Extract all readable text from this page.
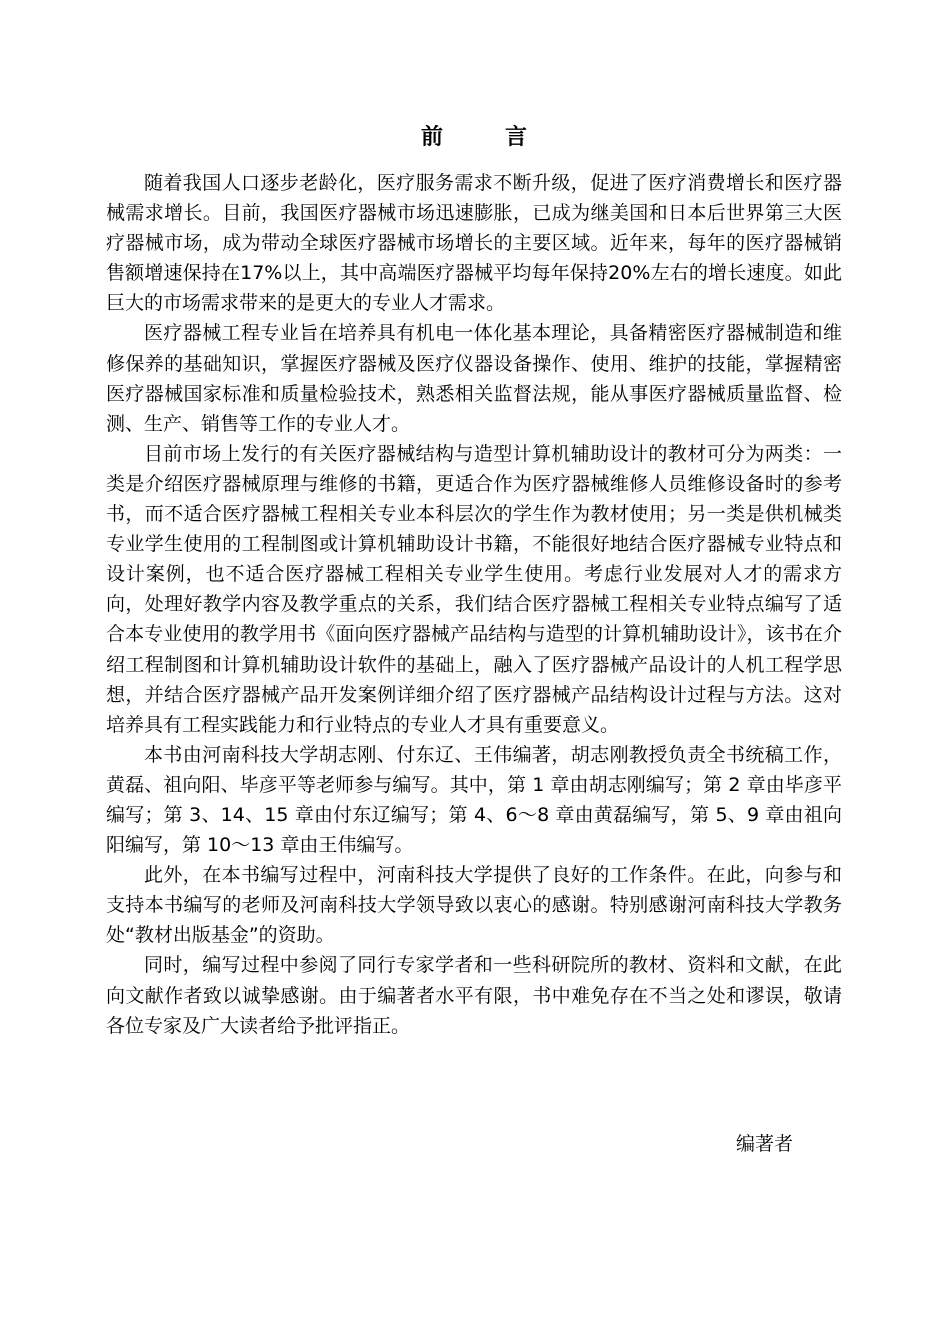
前	言

随着我国人口逐步老龄化，医疗服务需求不断升级，促进了医疗消费增长和医疗器械需求增长。目前，我国医疗器械市场迅速膨胀，已成为继美国和日本后世界第三大医疗器械市场，成为带动全球医疗器械市场增长的主要区域。近年来，每年的医疗器械销售额增速保持在17%以上，其中高端医疗器械平均每年保持20%左右的增长速度。如此巨大的市场需求带来的是更大的专业人才需求。

医疗器械工程专业旨在培养具有机电一体化基本理论，具备精密医疗器械制造和维修保养的基础知识，掌握医疗器械及医疗仪器设备操作、使用、维护的技能，掌握精密医疗器械国家标准和质量检验技术，熟悉相关监督法规，能从事医疗器械质量监督、检测、生产、销售等工作的专业人才。

目前市场上发行的有关医疗器械结构与造型计算机辅助设计的教材可分为两类：一类是介绍医疗器械原理与维修的书籍，更适合作为医疗器械维修人员维修设备时的参考书，而不适合医疗器械工程相关专业本科层次的学生作为教材使用；另一类是供机械类专业学生使用的工程制图或计算机辅助设计书籍，不能很好地结合医疗器械专业特点和设计案例，也不适合医疗器械工程相关专业学生使用。考虑行业发展对人才的需求方向，处理好教学内容及教学重点的关系，我们结合医疗器械工程相关专业特点编写了适合本专业使用的教学用书《面向医疗器械产品结构与造型的计算机辅助设计》，该书在介绍工程制图和计算机辅助设计软件的基础上，融入了医疗器械产品设计的人机工程学思想，并结合医疗器械产品开发案例详细介绍了医疗器械产品结构设计过程与方法。这对培养具有工程实践能力和行业特点的专业人才具有重要意义。

本书由河南科技大学胡志刚、付东辽、王伟编著，胡志刚教授负责全书统稿工作，黄磊、祖向阳、毕彦平等老师参与编写。其中，第 1 章由胡志刚编写；第 2 章由毕彦平编写；第 3、14、15 章由付东辽编写；第 4、6～8 章由黄磊编写，第 5、9 章由祖向阳编写，第 10～13 章由王伟编写。

此外，在本书编写过程中，河南科技大学提供了良好的工作条件。在此，向参与和支持本书编写的老师及河南科技大学领导致以衷心的感谢。特别感谢河南科技大学教务处“教材出版基金”的资助。

同时，编写过程中参阅了同行专家学者和一些科研院所的教材、资料和文献，在此向文献作者致以诚挚感谢。由于编著者水平有限，书中难免存在不当之处和谬误，敬请各位专家及广大读者给予批评指正。

编著者
